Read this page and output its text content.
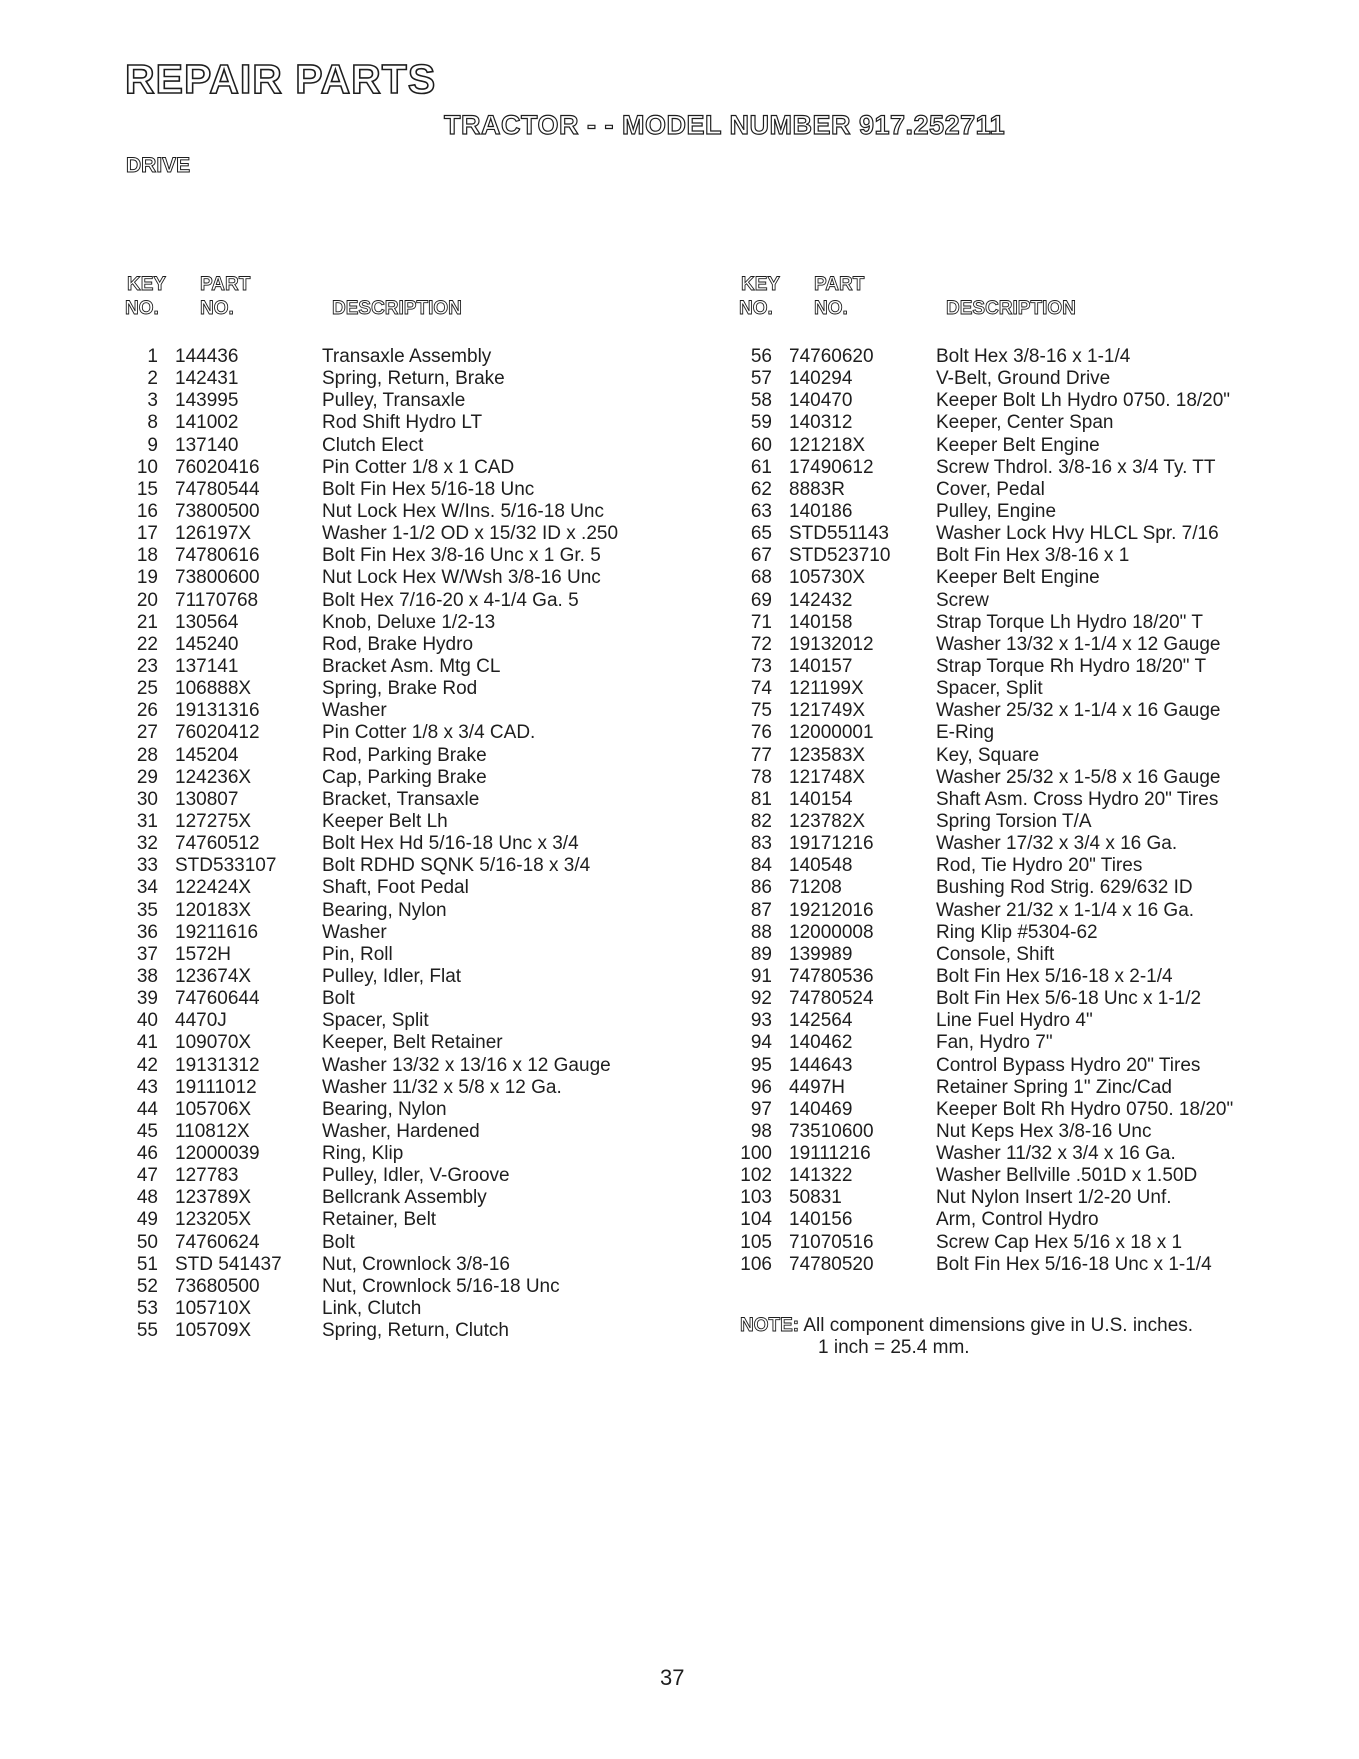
REPAIR PARTS
TRACTOR - - MODEL NUMBER 917.252711
DRIVE
KEY
NO.
PART
NO.	DESCRIPTION
1 144436	Transaxle Assembly
2 142431	Spring, Return, Brake
3 143995	Pulley, Transaxle
8 141002	Rod Shift Hydro LT
9 137140	Clutch Elect
10 76020416	Pin Cotter 1/8 x 1 CAD
15 74780544	Bolt Fin Hex 5/16-18 Unc
16 73800500	Nut Lock Hex W/Ins. 5/16-18 Unc
17 126197X	Washer 1-1/2 OD x 15/32 ID x .250
18 74780616	Bolt Fin Hex 3/8-16 Unc x 1 Gr. 5
19 73800600	Nut Lock Hex W/Wsh 3/8-16 Unc
20 71170768	Bolt Hex 7/16-20 x 4-1/4 Ga. 5
21 130564	Knob, Deluxe 1/2-13
22 145240	Rod, Brake Hydro
23 137141	Bracket Asm. Mtg CL
25 106888X	Spring, Brake Rod
26 19131316	Washer
27 76020412	Pin Cotter 1/8 x 3/4 CAD.
28 145204	Rod, Parking Brake
29 124236X	Cap, Parking Brake
30 130807	Bracket, Transaxle
31 127275X	Keeper Belt Lh
32 74760512	Bolt Hex Hd 5/16-18 Unc x 3/4
33 STD533107 Bolt RDHD SQNK 5/16-18 x 3/4
34 122424X	Shaft, Foot Pedal
35 120183X	Bearing, Nylon
36 19211616	Washer
37 1572H	Pin, Roll
38 123674X	Pulley, Idler, Flat
39 74760644	Bolt
40 4470J	Spacer, Split
41 109070X	Keeper, Belt Retainer
42 19131312	Washer 13/32 x 13/16 x 12 Gauge
43 19111012	Washer 11/32 x 5/8 x 12 Ga.
44 105706X	Bearing, Nylon
45 110812X	Washer, Hardened
46 12000039	Ring, Klip
47 127783	Pulley, Idler, V-Groove
48 123789X	Bellcrank Assembly
49 123205X	Retainer, Belt
50 74760624	Bolt
51 STD 541437 Nut, Crownlock 3/8-16
52 73680500	Nut, Crownlock 5/16-18 Unc
53 105710X	Link, Clutch
55 105709X	Spring, Return, Clutch
KEY
NO.
PART
NO.	DESCRIPTION
56 74760620	Bolt Hex 3/8-16 x 1-1/4
57 140294	V-Belt, Ground Drive
58 140470	Keeper Bolt Lh Hydro 0750. 18/20"
59 140312	Keeper, Center Span
60 121218X	Keeper Belt Engine
61 17490612	Screw Thdrol. 3/8-16 x 3/4 Ty. TT
62 8883R	Cover, Pedal
63 140186	Pulley, Engine
65 STD551143 Washer Lock Hvy HLCL Spr. 7/16
67 STD523710 Bolt Fin Hex 3/8-16 x 1
68 105730X	Keeper Belt Engine
69 142432	Screw
71 140158	Strap Torque Lh Hydro 18/20" T
72 19132012	Washer 13/32 x 1-1/4 x 12 Gauge
73 140157	Strap Torque Rh Hydro 18/20" T
74 121199X	Spacer, Split
75 121749X	Washer 25/32 x 1-1/4 x 16 Gauge
76 12000001	E-Ring
77 123583X	Key, Square
78 121748X	Washer 25/32 x 1-5/8 x 16 Gauge
81 140154	Shaft Asm. Cross Hydro 20" Tires
82 123782X	Spring Torsion T/A
83 19171216	Washer 17/32 x 3/4 x 16 Ga.
84 140548	Rod, Tie Hydro 20" Tires
86 71208	Bushing Rod Strig. 629/632 ID
87 19212016	Washer 21/32 x 1-1/4 x 16 Ga.
88 12000008	Ring Klip #5304-62
89 139989	Console, Shift
91 74780536	Bolt Fin Hex 5/16-18 x 2-1/4
92 74780524	Bolt Fin Hex 5/6-18 Unc x 1-1/2
93 142564	Line Fuel Hydro 4"
94 140462	Fan, Hydro 7"
95 144643	Control Bypass Hydro 20" Tires
96 4497H	Retainer Spring 1" Zinc/Cad
97 140469	Keeper Bolt Rh Hydro 0750. 18/20"
98 73510600	Nut Keps Hex 3/8-16 Unc
100 19111216	Washer 11/32 x 3/4 x 16 Ga.
102 141322	Washer Bellville .501D x 1.50D
103 50831	Nut Nylon Insert 1/2-20 Unf.
104 140156	Arm, Control Hydro
105 71070516	Screw Cap Hex 5/16 x 18 x 1
106 74780520	Bolt Fin Hex 5/16-18 Unc x 1-1/4
NOTE: All component dimensions give in U.S. inches.
1 inch = 25.4 mm.
37
